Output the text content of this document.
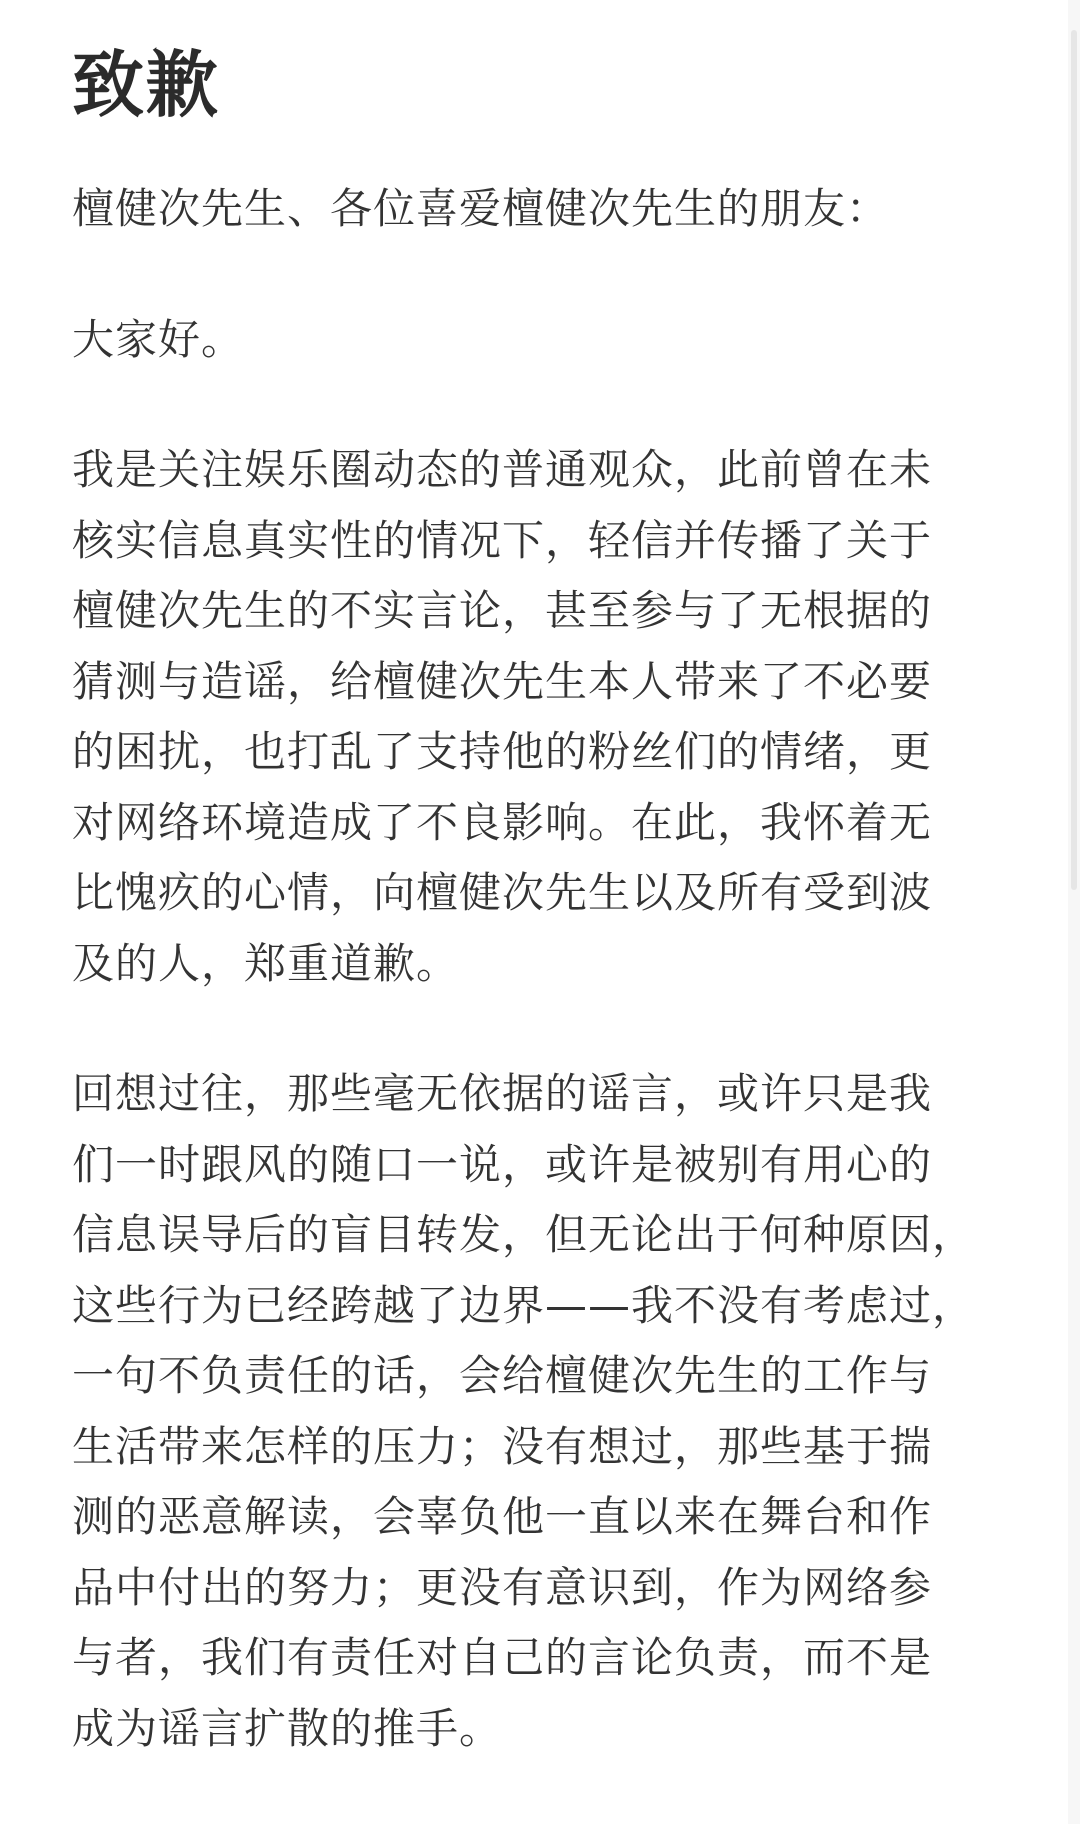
致歉

檀健次先生、各位喜爱檀健次先生的朋友：

大家好。

我是关注娱乐圈动态的普通观众，此前曾在未
核实信息真实性的情况下，轻信并传播了关于
檀健次先生的不实言论，甚至参与了无根据的
猜测与造谣，给檀健次先生本人带来了不必要
的困扰，也打乱了支持他的粉丝们的情绪，更
对网络环境造成了不良影响。在此，我怀着无
比愧疚的心情，向檀健次先生以及所有受到波
及的人，郑重道歉。

回想过往，那些毫无依据的谣言，或许只是我
们一时跟风的随口一说，或许是被别有用心的
信息误导后的盲目转发，但无论出于何种原因，
这些行为已经跨越了边界——我不没有考虑过，
一句不负责任的话，会给檀健次先生的工作与
生活带来怎样的压力；没有想过，那些基于揣
测的恶意解读，会辜负他一直以来在舞台和作
品中付出的努力；更没有意识到，作为网络参
与者，我们有责任对自己的言论负责，而不是
成为谣言扩散的推手。
